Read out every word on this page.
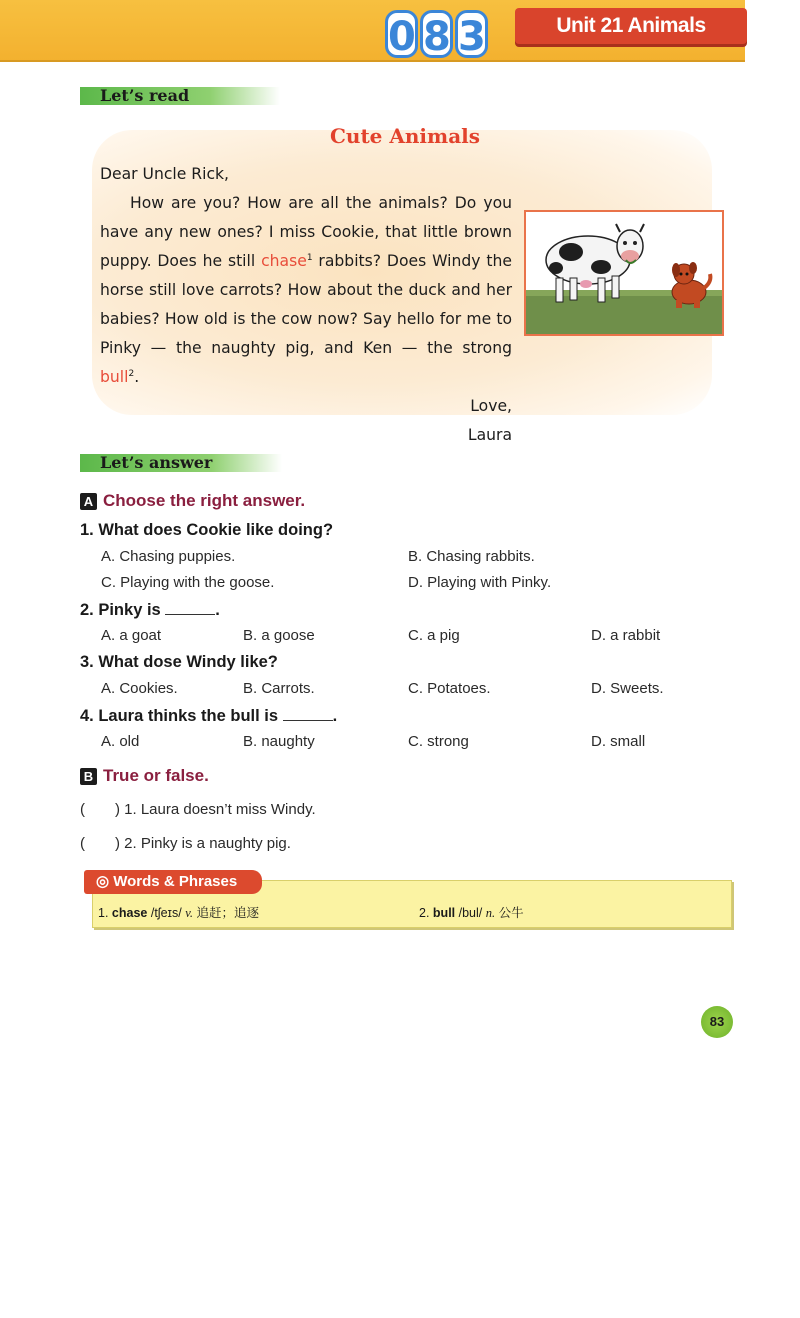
0 8 3	Unit 21 Animals
Let’s read
Cute Animals

Dear Uncle Rick,

How are you? How are all the animals? Do you have any new ones? I miss Cookie, that little brown puppy. Does he still chase$^1$ rabbits? Does Windy the horse still love carrots? How about the duck and her babies? How old is the cow now? Say hello for me to Pinky — the naughty pig, and Ken — the strong bull$^2$.

Love,

Laura

Let’s answer
A Choose the right answer.
1. What does Cookie like doing?
A. Chasing puppies.	B. Chasing rabbits.
C. Playing with the goose.	D. Playing with Pinky.
2. Pinky is	.
A. a goat	B. a goose	C. a pig	D. a rabbit
3. What dose Windy like?
A. Cookies.	B. Carrots.	C. Potatoes.	D. Sweets.
4. Laura thinks the bull is	.
A. old	B. naughty	C. strong	D. small
B True or false.
( ) 1. Laura doesn’t miss Windy.
( ) 2. Pinky is a naughty pig.
◎ Words & Phrases
1. chase /tʃeɪs/ v. 追赶；追逐	2. bull /bul/ n. 公牛
83
